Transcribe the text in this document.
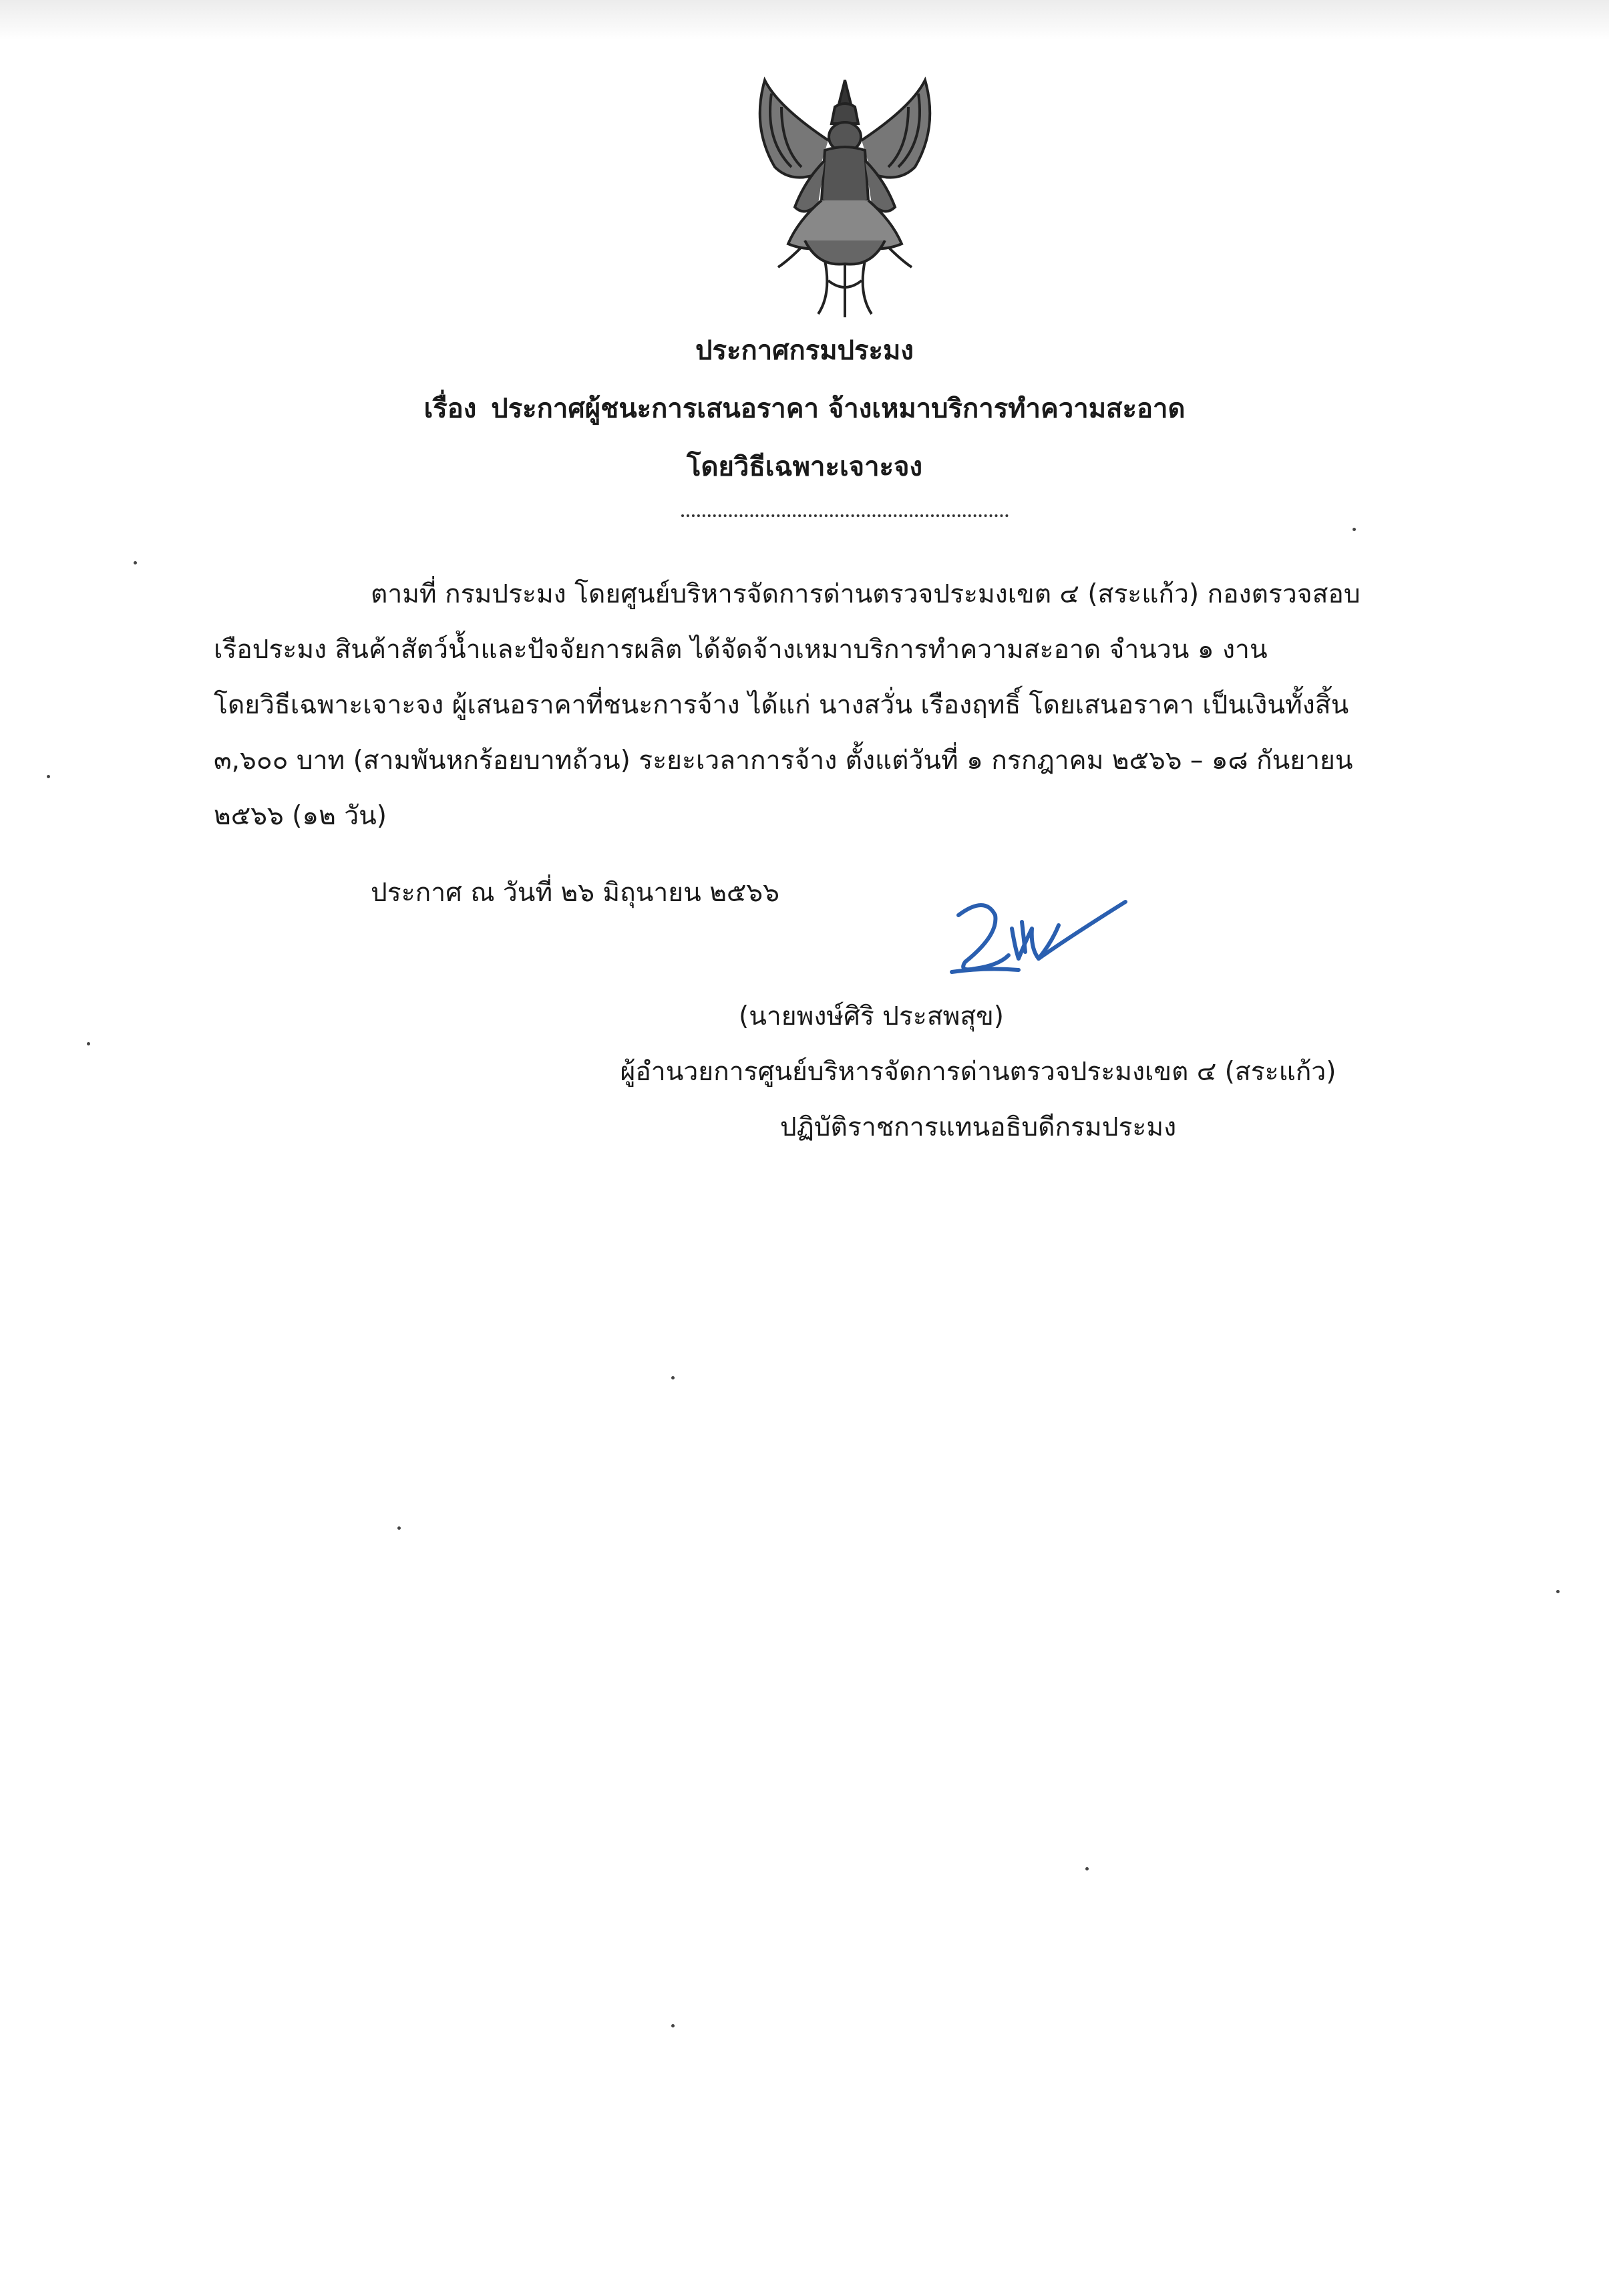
ประกาศกรมประมง
เรื่อง ประกาศผู้ชนะการเสนอราคา จ้างเหมาบริการทำความสะอาด
โดยวิธีเฉพาะเจาะจง
ตามที่ กรมประมง โดยศูนย์บริหารจัดการด่านตรวจประมงเขต ๔ (สระแก้ว) กองตรวจสอบ
เรือประมง สินค้าสัตว์น้ำและปัจจัยการผลิต ได้จัดจ้างเหมาบริการทำความสะอาด จำนวน ๑ งาน
โดยวิธีเฉพาะเจาะจง ผู้เสนอราคาที่ชนะการจ้าง ได้แก่ นางสวั่น เรืองฤทธิ์ โดยเสนอราคา เป็นเงินทั้งสิ้น
๓,๖๐๐ บาท (สามพันหกร้อยบาทถ้วน) ระยะเวลาการจ้าง ตั้งแต่วันที่ ๑ กรกฎาคม ๒๕๖๖ – ๑๘ กันยายน
๒๕๖๖ (๑๒ วัน)
ประกาศ ณ วันที่ ๒๖ มิถุนายน ๒๕๖๖
(นายพงษ์ศิริ ประสพสุข)
ผู้อำนวยการศูนย์บริหารจัดการด่านตรวจประมงเขต ๔ (สระแก้ว)
ปฏิบัติราชการแทนอธิบดีกรมประมง
